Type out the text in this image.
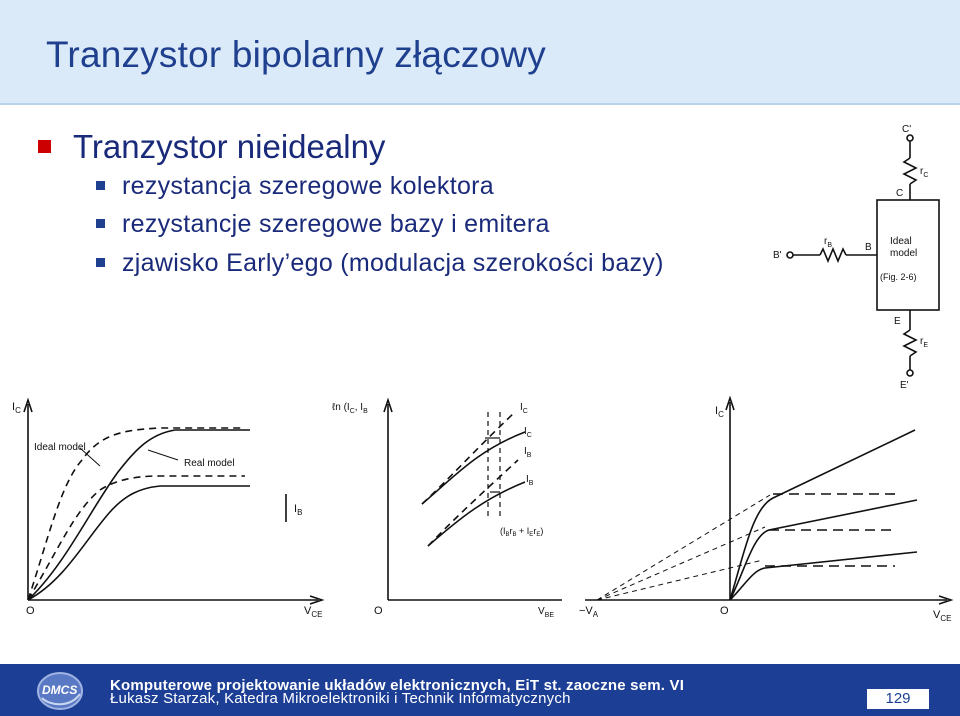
Tranzystor bipolarny złączowy
Tranzystor nieidealny
rezystancja szeregowe kolektora
rezystancje szeregowe bazy i emitera
zjawisko Early’ego (modulacja szerokości bazy)
C'
$r_C$
C
B'
$r_B$	B
Ideal
model
(Fig. 2-6)
E
$r_E$
E'
$I_C$
Ideal model
Real model
$I_B$
O	$V_{CE}$
ℓn ($I_C$, $I_B$	$I_C$
$I_C$
$I_B$
$I_B$
$(I_Br_B + I_Er_E)$
O	$V_{BE}$
$I_C$
$-V_A$	O	$V_{CE}$
DMCS Komputerowe projektowanie układów elektronicznych, EiT st. zaoczne sem. VI
Łukasz Starzak, Katedra Mikroelektroniki i Technik Informatycznych	129
